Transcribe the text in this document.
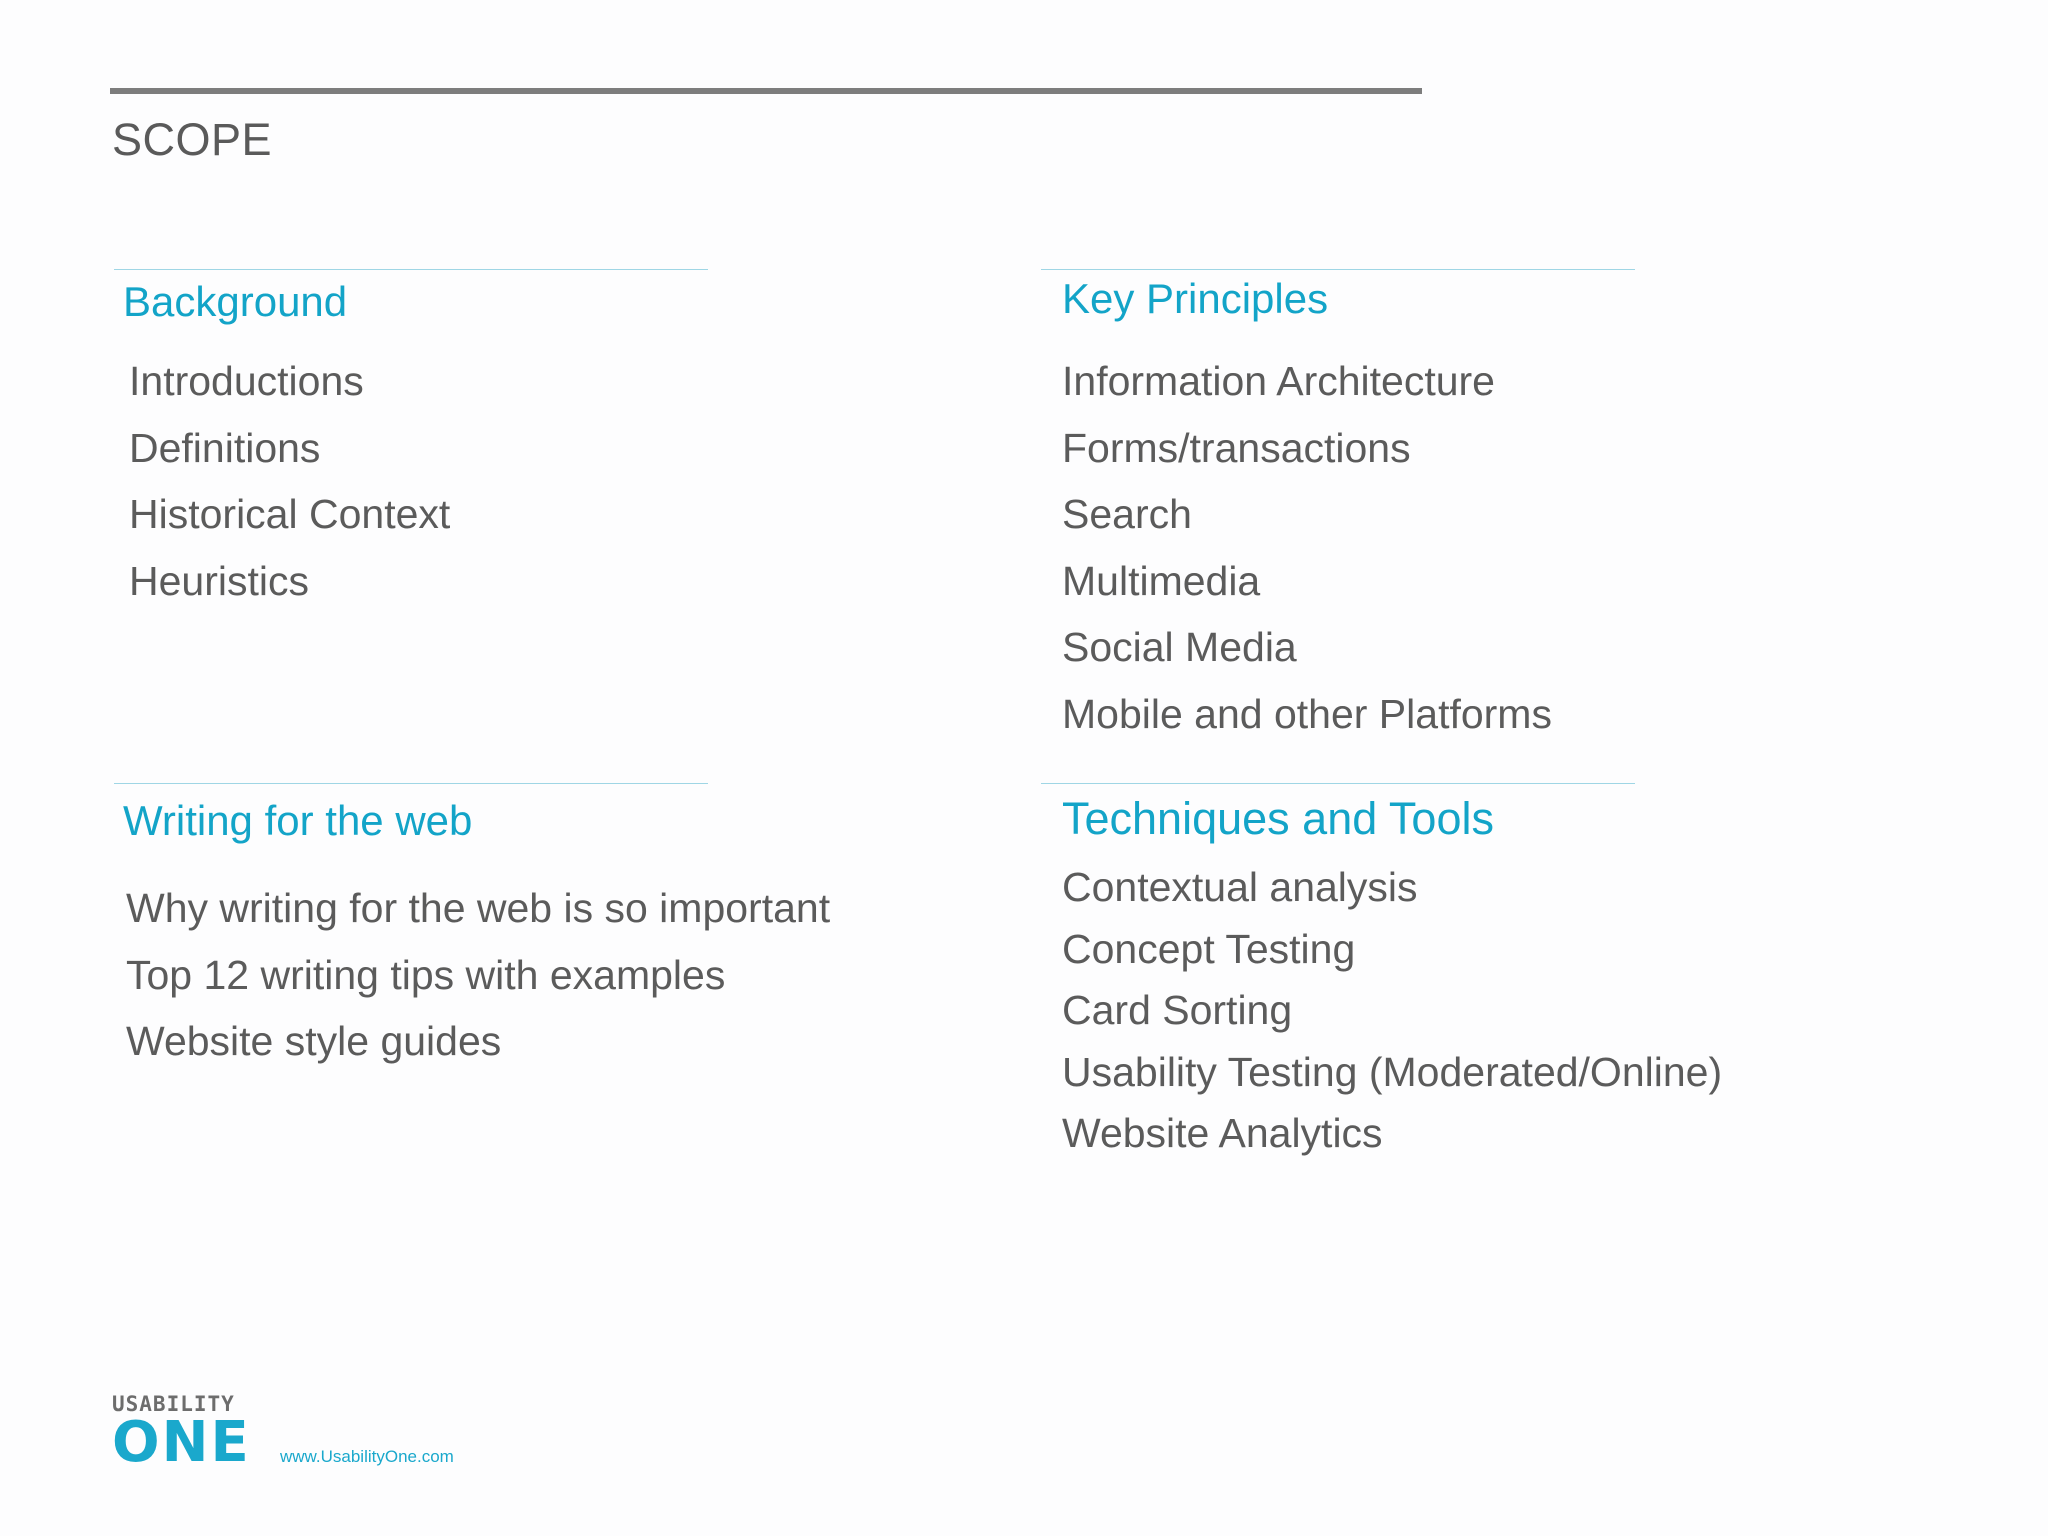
SCOPE
Background
Introductions
Definitions
Historical Context
Heuristics
Key Principles
Information Architecture
Forms/transactions
Search
Multimedia
Social Media
Mobile and other Platforms
Writing for the web
Why writing for the web is so important
Top 12 writing tips with examples
Website style guides
Techniques and Tools
Contextual analysis
Concept Testing
Card Sorting
Usability Testing (Moderated/Online)
Website Analytics
USABILITY
ONE www.UsabilityOne.com
